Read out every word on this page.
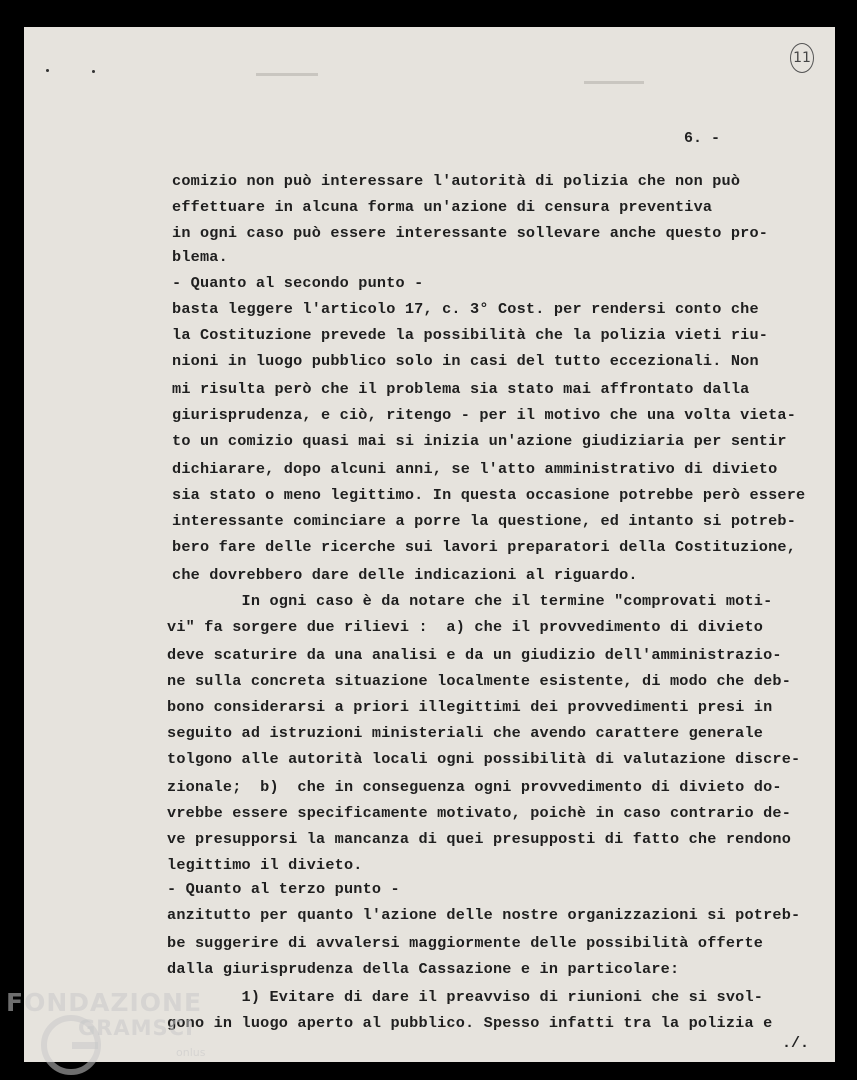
11
6. -
comizio non può interessare l'autorità di polizia che non può
effettuare in alcuna forma un'azione di censura preventiva
in ogni caso può essere interessante sollevare anche questo pro-
blema.
- Quanto al secondo punto -
basta leggere l'articolo 17, c. 3° Cost. per rendersi conto che
la Costituzione prevede la possibilità che la polizia vieti riu-
nioni in luogo pubblico solo in casi del tutto eccezionali. Non
mi risulta però che il problema sia stato mai affrontato dalla
giurisprudenza, e ciò, ritengo - per il motivo che una volta vieta-
to un comizio quasi mai si inizia un'azione giudiziaria per sentir
dichiarare, dopo alcuni anni, se l'atto amministrativo di divieto
sia stato o meno legittimo. In questa occasione potrebbe però essere
interessante cominciare a porre la questione, ed intanto si potreb-
bero fare delle ricerche sui lavori preparatori della Costituzione,
che dovrebbero dare delle indicazioni al riguardo.
In ogni caso è da notare che il termine "comprovati moti-
vi" fa sorgere due rilievi :  a) che il provvedimento di divieto
deve scaturire da una analisi e da un giudizio dell'amministrazio-
ne sulla concreta situazione localmente esistente, di modo che deb-
bono considerarsi a priori illegittimi dei provvedimenti presi in
seguito ad istruzioni ministeriali che avendo carattere generale
tolgono alle autorità locali ogni possibilità di valutazione discre-
zionale;  b)  che in conseguenza ogni provvedimento di divieto do-
vrebbe essere specificamente motivato, poichè in caso contrario de-
ve presupporsi la mancanza di quei presupposti di fatto che rendono
legittimo il divieto.
- Quanto al terzo punto -
anzitutto per quanto l'azione delle nostre organizzazioni si potreb-
be suggerire di avvalersi maggiormente delle possibilità offerte
dalla giurisprudenza della Cassazione e in particolare:
1) Evitare di dare il preavviso di riunioni che si svol-
gono in luogo aperto al pubblico. Spesso infatti tra la polizia e
./.
FONDAZIONE
GRAMSCI
onlus
